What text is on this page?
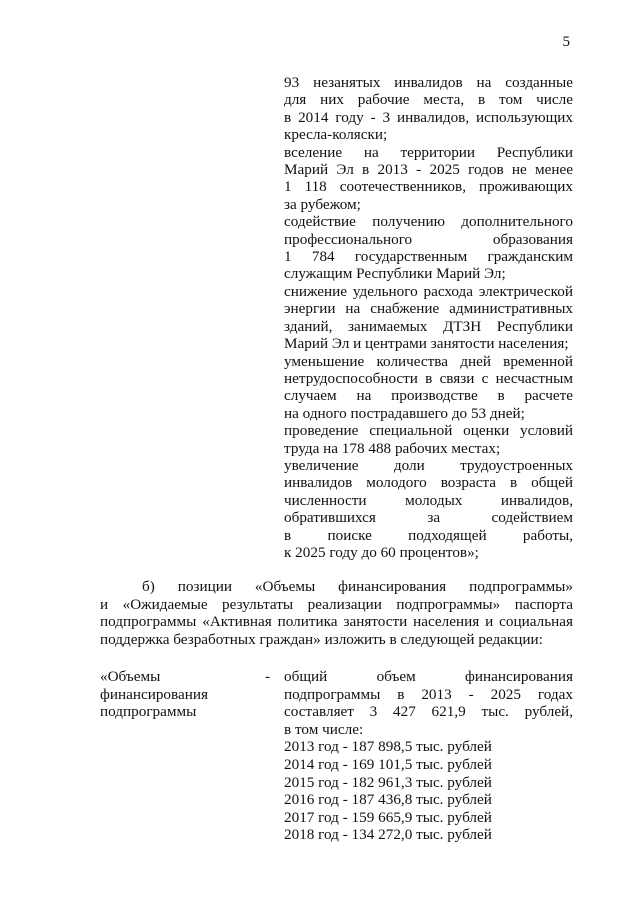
5
93 незанятых инвалидов на созданные
для них рабочие места, в том числе
в 2014 году - 3 инвалидов, использующих
кресла-коляски;
вселение на территории Республики
Марий Эл в 2013 - 2025 годов не менее
1 118 соотечественников, проживающих
за рубежом;
содействие получению дополнительного
профессионального образования
1 784 государственным гражданским
служащим Республики Марий Эл;
снижение удельного расхода электрической
энергии на снабжение административных
зданий, занимаемых ДТЗН Республики
Марий Эл и центрами занятости населения;
уменьшение количества дней временной
нетрудоспособности в связи с несчастным
случаем на производстве в расчете
на одного пострадавшего до 53 дней;
проведение специальной оценки условий
труда на 178 488 рабочих местах;
увеличение доли трудоустроенных
инвалидов молодого возраста в общей
численности молодых инвалидов,
обратившихся за содействием
в поиске подходящей работы,
к 2025 году до 60 процентов»;
б) позиции «Объемы финансирования подпрограммы»
и «Ожидаемые результаты реализации подпрограммы» паспорта
подпрограммы «Активная политика занятости населения и социальная
поддержка безработных граждан» изложить в следующей редакции:
«Объемы
финансирования
подпрограммы
- общий объем финансирования
подпрограммы в 2013 - 2025 годах
составляет 3 427 621,9 тыс. рублей,
в том числе:
2013 год - 187 898,5 тыс. рублей
2014 год - 169 101,5 тыс. рублей
2015 год - 182 961,3 тыс. рублей
2016 год - 187 436,8 тыс. рублей
2017 год - 159 665,9 тыс. рублей
2018 год - 134 272,0 тыс. рублей
